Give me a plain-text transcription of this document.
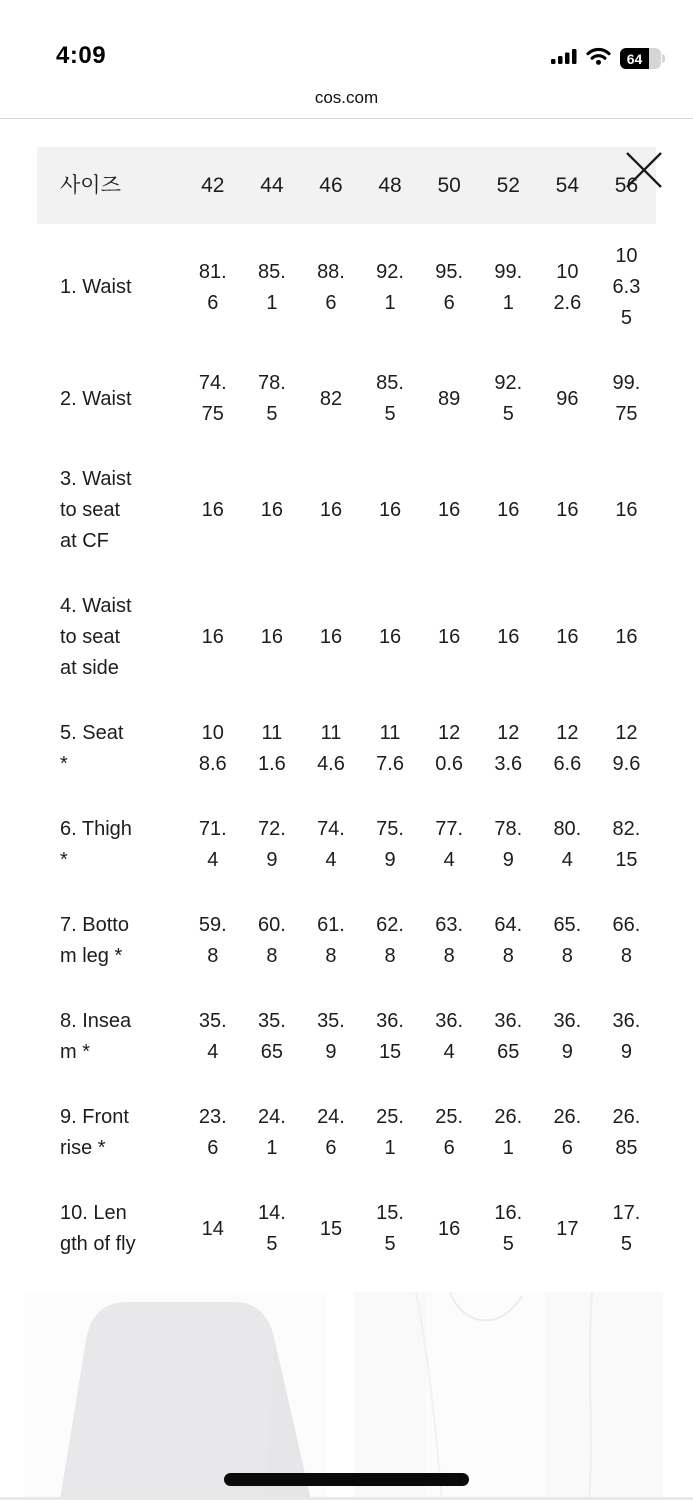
4:09	64
cos.com
사이즈	42	44	46	48	50	52	54	56
1. Waist	81.6	85.1	88.6	92.1	95.6	99.1	102.6	106.35
2. Waist	74.75	78.5	82	85.5	89	92.5	96	99.75
3. Waist to seat at CF	16	16	16	16	16	16	16	16
4. Waist to seat at side	16	16	16	16	16	16	16	16
5. Seat *	108.6	111.6	114.6	117.6	120.6	123.6	126.6	129.6
6. Thigh *	71.4	72.9	74.4	75.9	77.4	78.9	80.4	82.15
7. Bottom leg *	59.8	60.8	61.8	62.8	63.8	64.8	65.8	66.8
8. Inseam *	35.4	35.65	35.9	36.15	36.4	36.65	36.9	36.9
9. Front rise *	23.6	24.1	24.6	25.1	25.6	26.1	26.6	26.85
10. Length of fly	14	14.5	15	15.5	16	16.5	17	17.5
